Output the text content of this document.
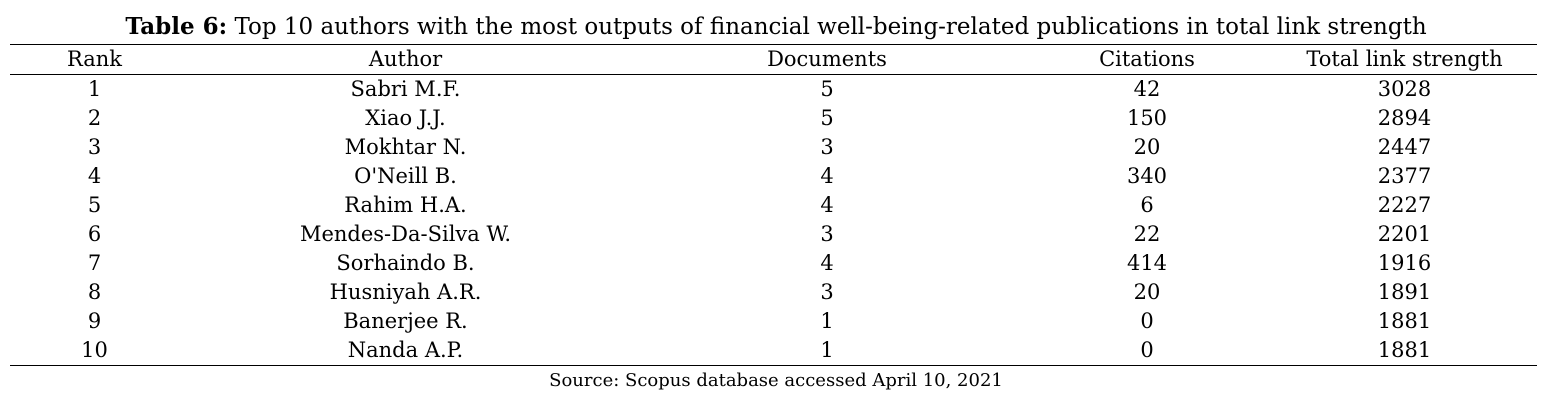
Table 6: Top 10 authors with the most outputs of financial well-being-related publications in total link strength
Rank	Author	Documents	Citations	Total link strength
1	Sabri M.F.	5	42	3028
2	Xiao J.J.	5	150	2894
3	Mokhtar N.	3	20	2447
4	O'Neill B.	4	340	2377
5	Rahim H.A.	4	6	2227
6	Mendes-Da-Silva W.	3	22	2201
7	Sorhaindo B.	4	414	1916
8	Husniyah A.R.	3	20	1891
9	Banerjee R.	1	0	1881
10	Nanda A.P.	1	0	1881
Source: Scopus database accessed April 10, 2021
